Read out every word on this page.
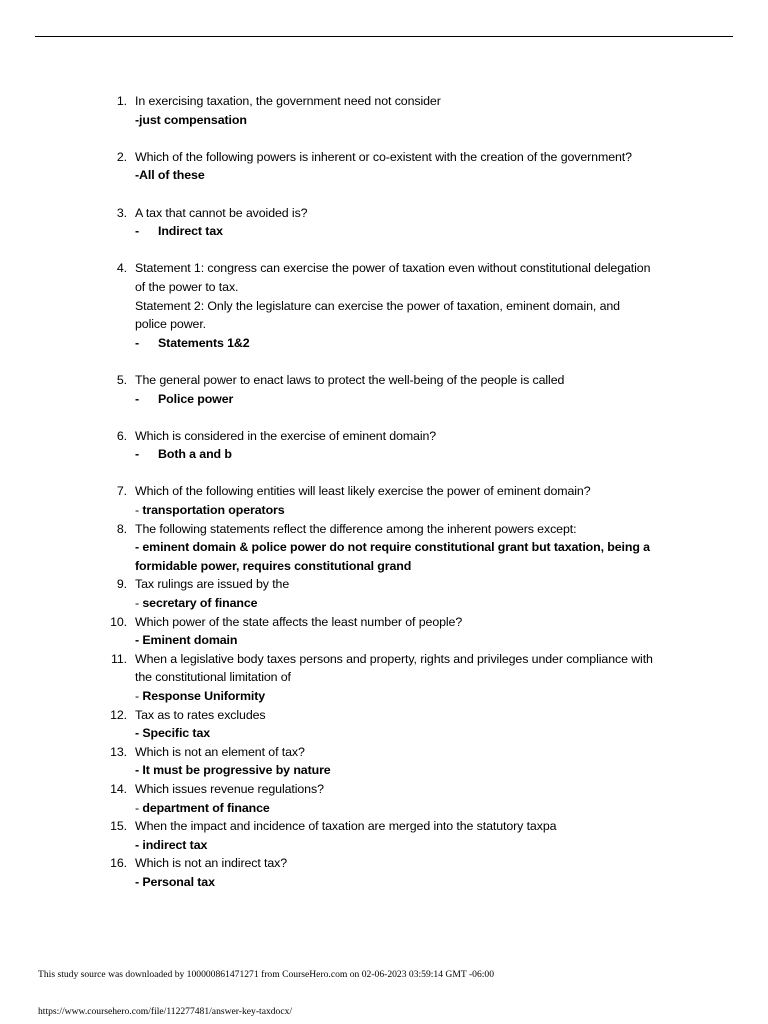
1. In exercising taxation, the government need not consider
-just compensation
2. Which of the following powers is inherent or co-existent with the creation of the government?
-All of these
3. A tax that cannot be avoided is?
- Indirect tax
4. Statement 1: congress can exercise the power of taxation even without constitutional delegation
of the power to tax.
Statement 2: Only the legislature can exercise the power of taxation, eminent domain, and
police power.
- Statements 1&2
5. The general power to enact laws to protect the well-being of the people is called
- Police power
6. Which is considered in the exercise of eminent domain?
- Both a and b
7. Which of the following entities will least likely exercise the power of eminent domain?
- transportation operators
8. The following statements reflect the difference among the inherent powers except:
- eminent domain & police power do not require constitutional grant but taxation, being a formidable power, requires constitutional grand
9. Tax rulings are issued by the
- secretary of finance
10. Which power of the state affects the least number of people?
- Eminent domain
11. When a legislative body taxes persons and property, rights and privileges under compliance with
the constitutional limitation of
- Response Uniformity
12. Tax as to rates excludes
- Specific tax
13. Which is not an element of tax?
- It must be progressive by nature
14. Which issues revenue regulations?
- department of finance
15. When the impact and incidence of taxation are merged into the statutory taxpa
- indirect tax
16. Which is not an indirect tax?
- Personal tax
This study source was downloaded by 100000861471271 from CourseHero.com on 02-06-2023 03:59:14 GMT -06:00
https://www.coursehero.com/file/112277481/answer-key-taxdocx/
